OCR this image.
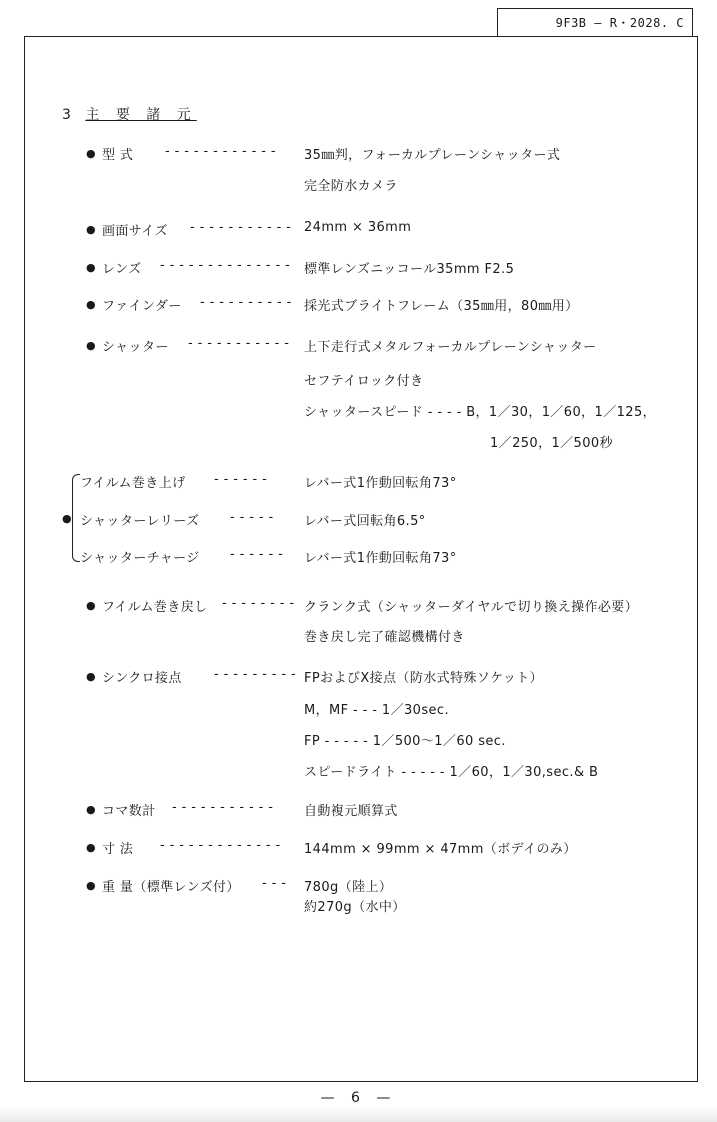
9F3B — R・2028. C
3 主 要 諸 元
● 型 式 - - - - - - - - - - - - 35㎜判，フォーカルプレーンシャッター式
完全防水カメラ
● 画面サイズ - - - - - - - - - - - 24mm × 36mm
● レンズ - - - - - - - - - - - - - - 標準レンズニッコール35mm F2.5
● ファインダー - - - - - - - - - - 採光式ブライトフレーム（35㎜用，80㎜用）
● シャッター - - - - - - - - - - - 上下走行式メタルフォーカルプレーンシャッター
セフテイロック付き
シャッタースピード - - - - B，1／30，1／60，1／125，
1／250，1／500秒
●
フイルム巻き上げ - - - - - -	レバー式1作動回転角73°
シャッターレリーズ - - - - - レバー式回転角6.5°
シャッターチャージ - - - - - - レバー式1作動回転角73°
● フイルム巻き戻し - - - - - - - - クランク式（シャッターダイヤルで切り換え操作必要）
巻き戻し完了確認機構付き
● シンクロ接点 - - - - - - - - - FPおよびX接点（防水式特殊ソケット）
M，MF - - - 1／30sec.
FP - - - - - 1／500～1／60 sec.
スピードライト - - - - - 1／60，1／30,sec.& B
● コマ数計 - - - - - - - - - - - 自動複元順算式
● 寸 法 - - - - - - - - - - - - - 144mm × 99mm × 47mm（ボデイのみ）
● 重 量（標準レンズ付） - - - 780g（陸上）
約270g（水中）
— 6 —
